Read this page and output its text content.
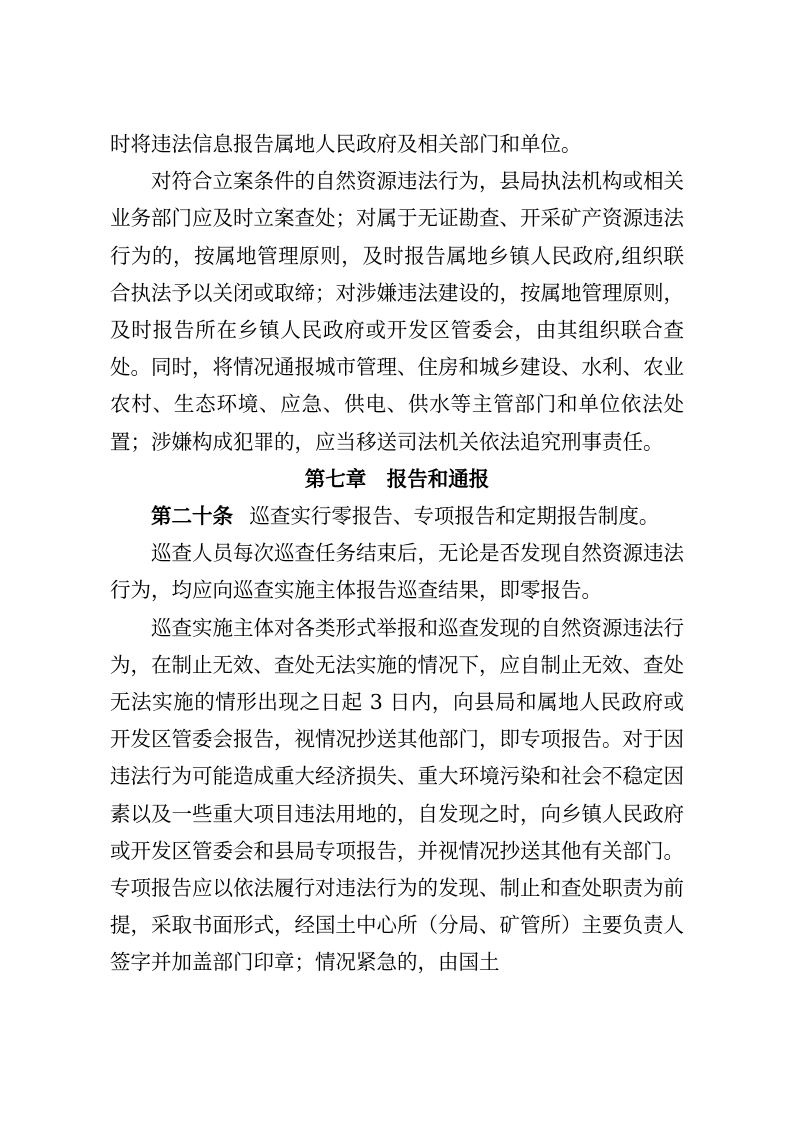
时将违法信息报告属地人民政府及相关部门和单位。

对符合立案条件的自然资源违法行为，县局执法机构或相关业务部门应及时立案查处；对属于无证勘查、开采矿产资源违法行为的，按属地管理原则，及时报告属地乡镇人民政府,组织联合执法予以关闭或取缔；对涉嫌违法建设的，按属地管理原则，及时报告所在乡镇人民政府或开发区管委会，由其组织联合查处。同时，将情况通报城市管理、住房和城乡建设、水利、农业农村、生态环境、应急、供电、供水等主管部门和单位依法处置；涉嫌构成犯罪的，应当移送司法机关依法追究刑事责任。

第七章　报告和通报

第二十条 巡查实行零报告、专项报告和定期报告制度。

巡查人员每次巡查任务结束后，无论是否发现自然资源违法行为，均应向巡查实施主体报告巡查结果，即零报告。

巡查实施主体对各类形式举报和巡查发现的自然资源违法行为，在制止无效、查处无法实施的情况下，应自制止无效、查处无法实施的情形出现之日起 3 日内，向县局和属地人民政府或开发区管委会报告，视情况抄送其他部门，即专项报告。对于因违法行为可能造成重大经济损失、重大环境污染和社会不稳定因素以及一些重大项目违法用地的，自发现之时，向乡镇人民政府或开发区管委会和县局专项报告，并视情况抄送其他有关部门。专项报告应以依法履行对违法行为的发现、制止和查处职责为前提，采取书面形式，经国土中心所（分局、矿管所）主要负责人签字并加盖部门印章；情况紧急的，由国土
